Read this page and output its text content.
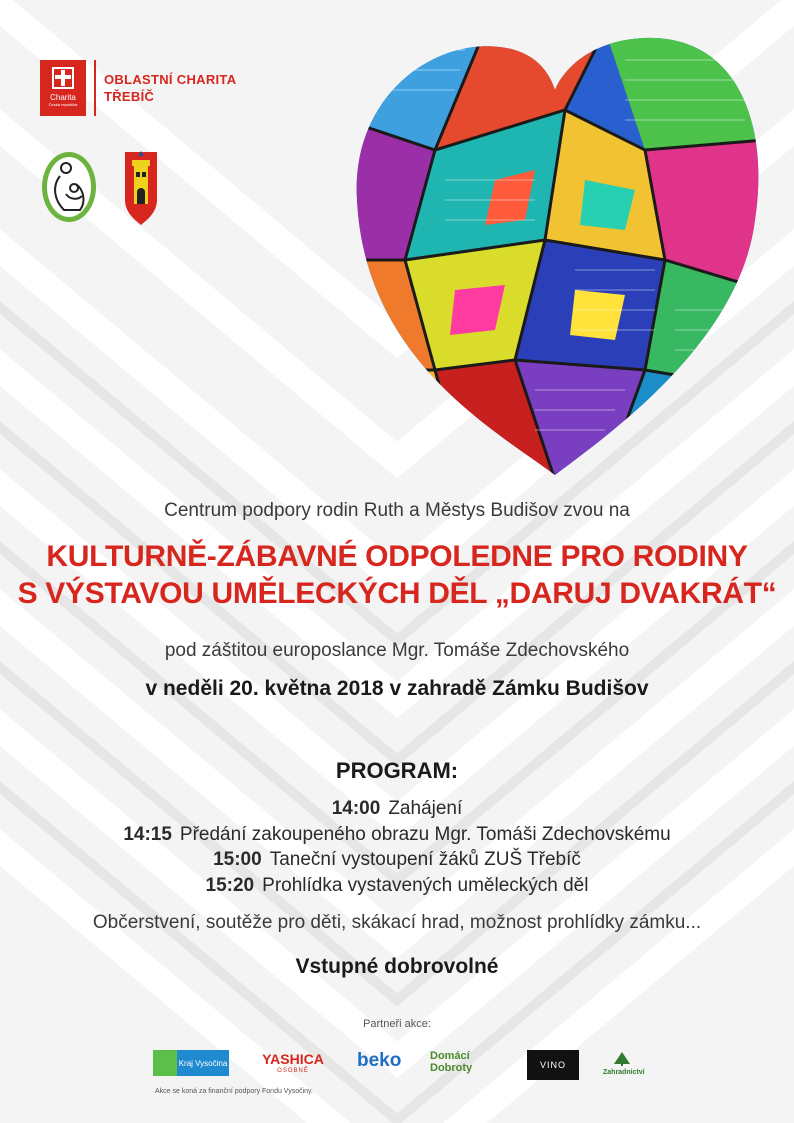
Charita
Česká republika
OBLASTNÍ CHARITA
TŘEBÍČ
Centrum podpory rodin Ruth a Městys Budišov zvou na
KULTURNĚ-ZÁBAVNÉ ODPOLEDNE PRO RODINY
S VÝSTAVOU UMĚLECKÝCH DĚL „DARUJ DVAKRÁT“
pod záštitou europoslance Mgr. Tomáše Zdechovského
v neděli 20. května 2018 v zahradě Zámku Budišov
PROGRAM:
14:00 Zahájení
14:15 Předání zakoupeného obrazu Mgr. Tomáši Zdechovskému
15:00 Taneční vystoupení žáků ZUŠ Třebíč
15:20 Prohlídka vystavených uměleckých děl
Občerstvení, soutěže pro děti, skákací hrad, možnost prohlídky zámku...
Vstupné dobrovolné
Partneři akce:
Kraj Vysočina	YASHICA
OSOBNĚ	beko	Domácí
Dobroty	VINO
Zahradnictví
Akce se koná za finanční podpory Fondu Vysočiny.
